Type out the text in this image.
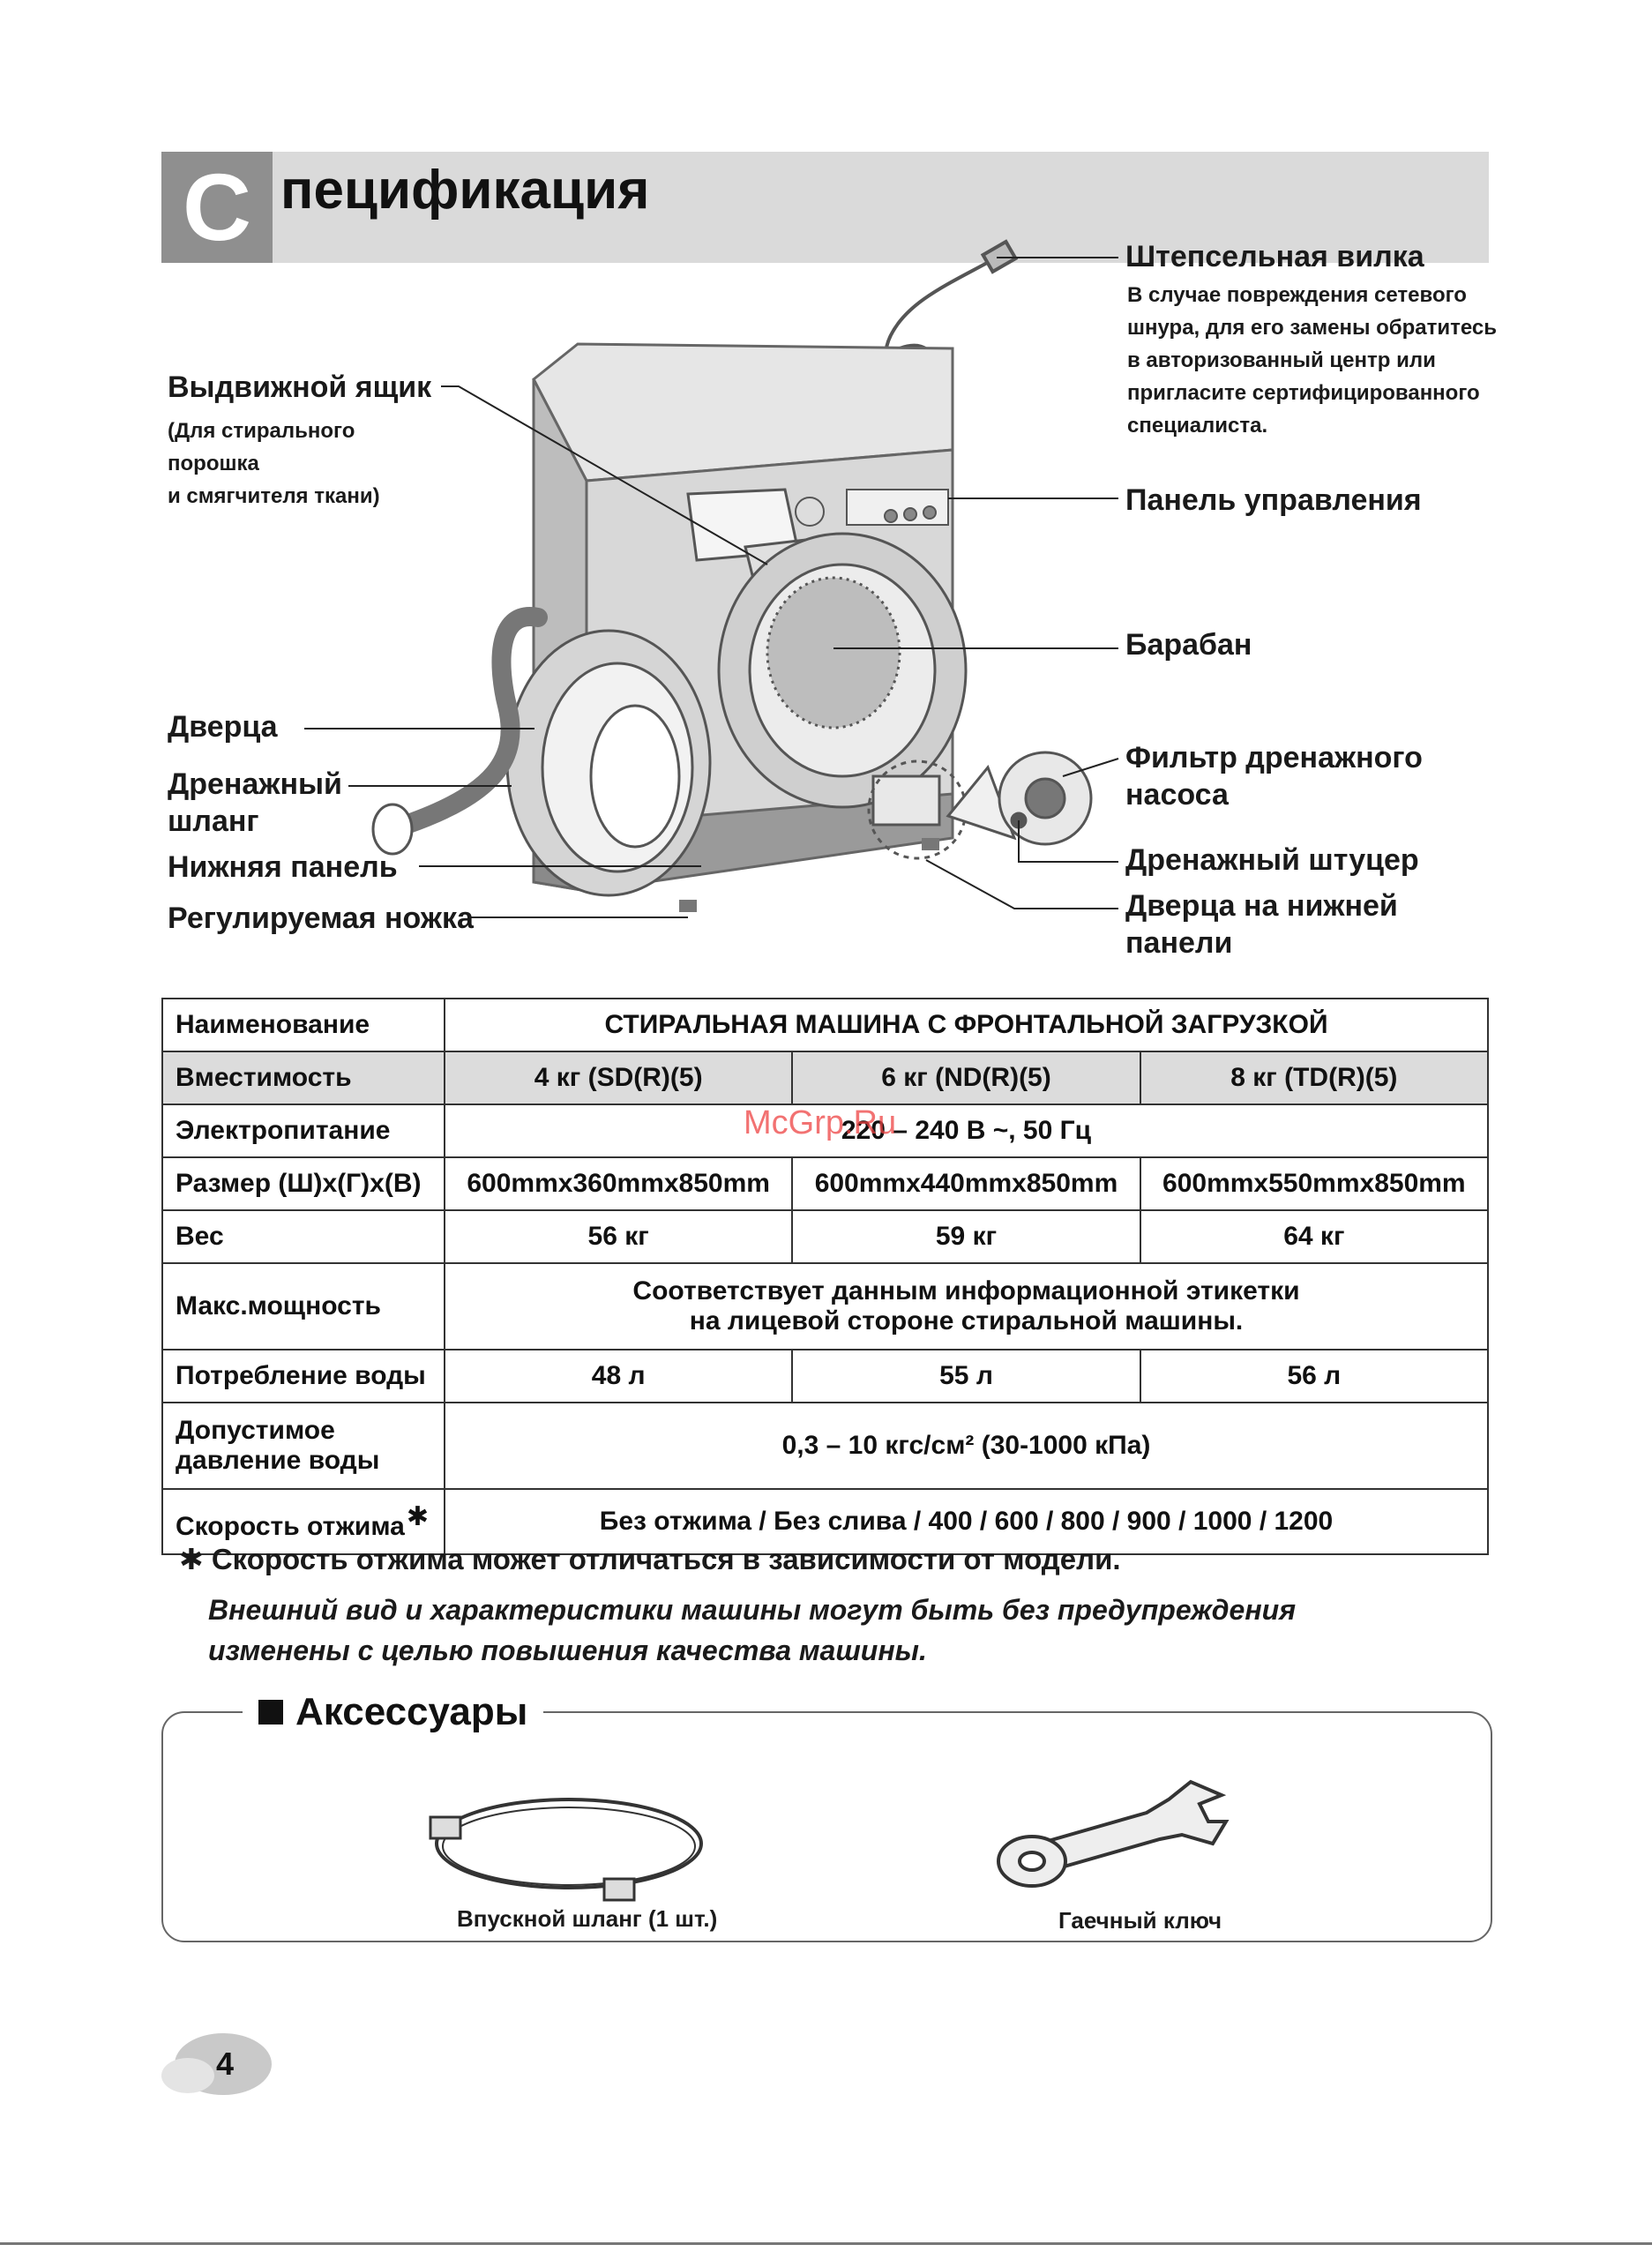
С пецификация
Штепсельная вилка
В случае повреждения сетевого
шнура, для его замены обратитесь
в авторизованный центр или
пригласите сертифицированного
специалиста.
Выдвижной ящик
(Для стирального
порошка
и смягчителя ткани)	Панель управления
Барабан
Дверца
Дренажный
шланг
Нижняя панель
Регулируемая ножка
Фильтр дренажного
насоса
Дренажный штуцер
Дверца на нижней
панели
Наименование	СТИРАЛЬНАЯ МАШИНА С ФРОНТАЛЬНОЙ ЗАГРУЗКОЙ		
Вместимость	4 кг (SD(R)(5)	6 кг (ND(R)(5)	8 кг (TD(R)(5)
Электропитание	220 – 240 В ~, 50 Гц		
Размер (Ш)x(Г)x(В)	600mmx360mmx850mm	600mmx440mmx850mm	600mmx550mmx850mm
Вес	56 кг	59 кг	64 кг
Макс.мощность	Соответствует данным информационной этикетки
на лицевой стороне стиральной машины.		

Потребление воды	48 л	55 л	56 л

Допустимое
давление воды	0,3 – 10 кгс/см² (30-1000 кПа)		
Скорость отжима✱	Без отжима / Без слива / 400 / 600 / 800 / 900 / 1000 / 1200		
McGrp.Ru
✱ Скорость отжима может отличаться в зависимости от модели.
Внешний вид и характеристики машины могут быть без предупреждения
изменены с целью повышения качества машины.
Аксессуары
Впускной шланг (1 шт.)	Гаечный ключ
4
